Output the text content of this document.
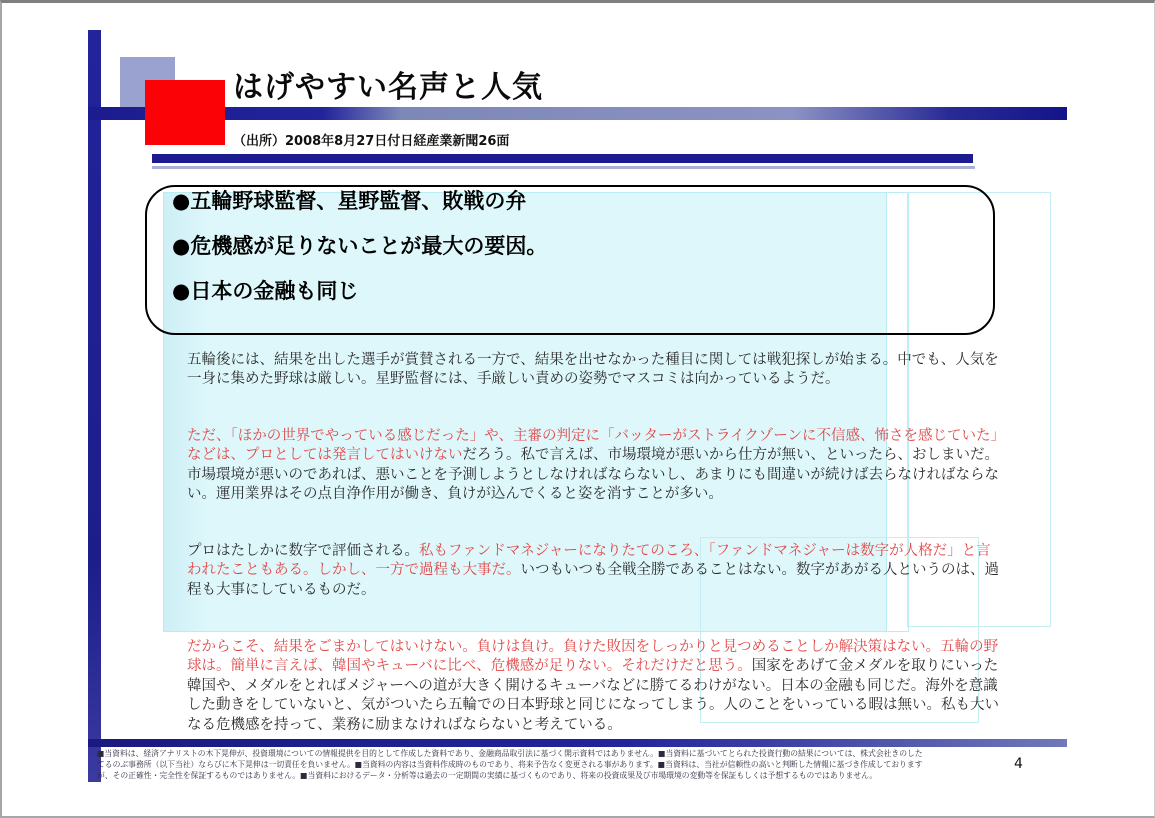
はげやすい名声と人気
（出所）2008年8月27日付日経産業新聞26面
●五輪野球監督、星野監督、敗戦の弁
●危機感が足りないことが最大の要因。
●日本の金融も同じ
五輪後には、結果を出した選手が賞賛される一方で、結果を出せなかった種目に関しては戦犯探しが始まる。中でも、人気を一身に集めた野球は厳しい。星野監督には、手厳しい責めの姿勢でマスコミは向かっているようだ。
ただ、「ほかの世界でやっている感じだった」や、主審の判定に「バッターがストライクゾーンに不信感、怖さを感じていた」などは、プロとしては発言してはいけないだろう。私で言えば、市場環境が悪いから仕方が無い、といったら、おしまいだ。市場環境が悪いのであれば、悪いことを予測しようとしなければならないし、あまりにも間違いが続けば去らなければならない。運用業界はその点自浄作用が働き、負けが込んでくると姿を消すことが多い。
プロはたしかに数字で評価される。私もファンドマネジャーになりたてのころ、「ファンドマネジャーは数字が人格だ」と言われたこともある。しかし、一方で過程も大事だ。いつもいつも全戦全勝であることはない。数字があがる人というのは、過程も大事にしているものだ。
だからこそ、結果をごまかしてはいけない。負けは負け。負けた敗因をしっかりと見つめることしか解決策はない。五輪の野球は。簡単に言えば、韓国やキューバに比べ、危機感が足りない。それだけだと思う。国家をあげて金メダルを取りにいった韓国や、メダルをとればメジャーへの道が大きく開けるキューバなどに勝てるわけがない。日本の金融も同じだ。海外を意識した動きをしていないと、気がついたら五輪での日本野球と同じになってしまう。人のことをいっている暇は無い。私も大いなる危機感を持って、業務に励まなければならないと考えている。
■当資料は、経済アナリストの木下晃伸が、投資環境についての情報提供を目的として作成した資料であり、金融商品取引法に基づく開示資料ではありません。■当資料に基づいてとられた投資行動の結果については、株式会社きのした
てるのぶ事務所（以下当社）ならびに木下晃伸は一切責任を負いません。■当資料の内容は当資料作成時のものであり、将来予告なく変更される事があります。■当資料は、当社が信頼性の高いと判断した情報に基づき作成しております
が、その正確性・完全性を保証するものではありません。■当資料におけるデータ・分析等は過去の一定期間の実績に基づくものであり、将来の投資成果及び市場環境の変動等を保証もしくは予想するものではありません。
4
